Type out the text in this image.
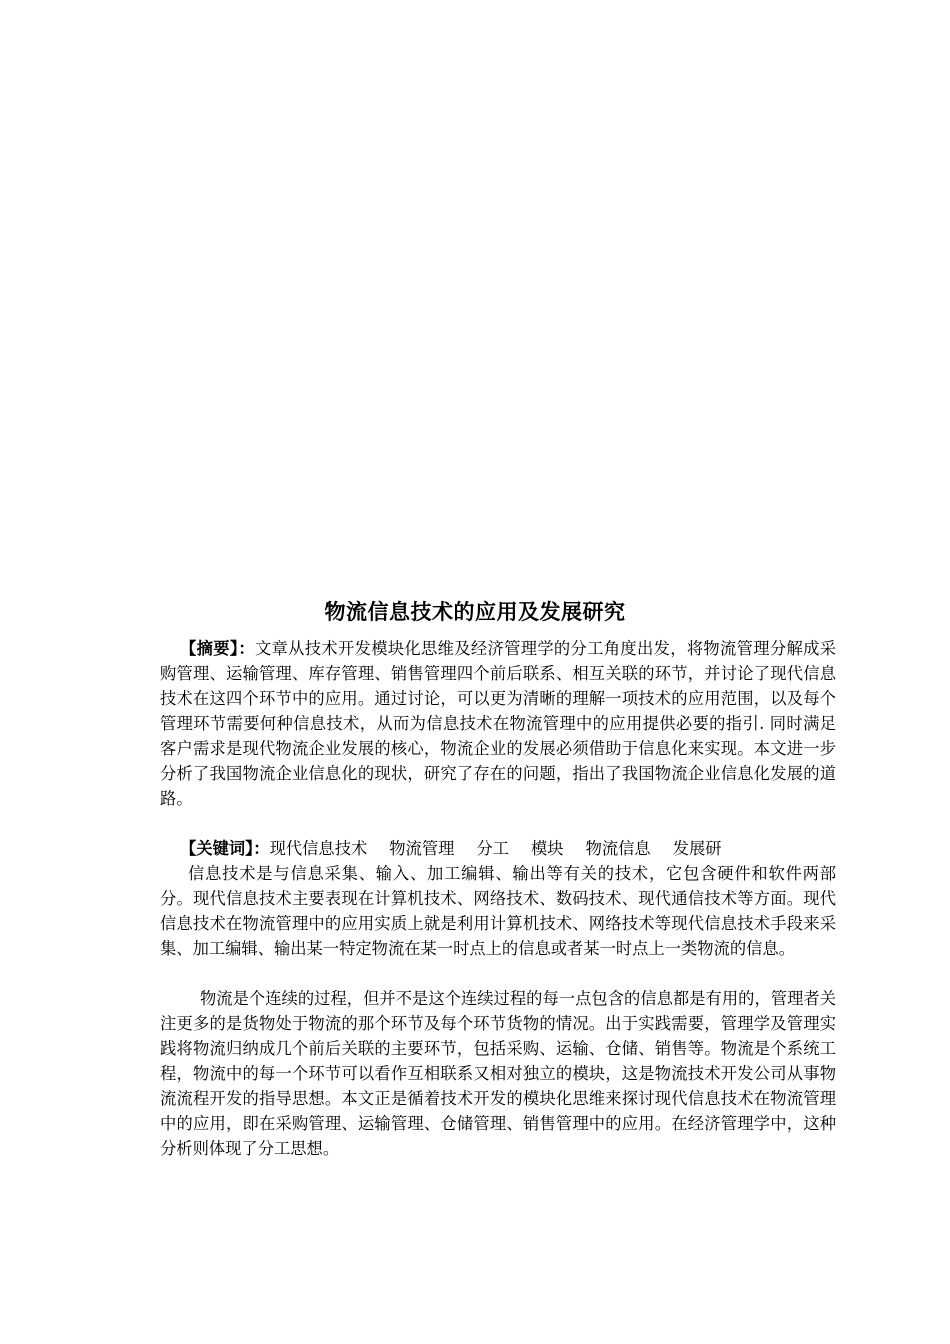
物流信息技术的应用及发展研究
【摘要】：文章从技术开发模块化思维及经济管理学的分工角度出发，将物流管理分解成采购管理、运输管理、库存管理、销售管理四个前后联系、相互关联的环节，并讨论了现代信息技术在这四个环节中的应用。通过讨论，可以更为清晰的理解一项技术的应用范围，以及每个管理环节需要何种信息技术，从而为信息技术在物流管理中的应用提供必要的指引. 同时满足客户需求是现代物流企业发展的核心，物流企业的发展必须借助于信息化来实现。本文进一步分析了我国物流企业信息化的现状，研究了存在的问题，指出了我国物流企业信息化发展的道路。
【关键词】：现代信息技术 物流管理 分工 模块 物流信息 发展研
信息技术是与信息采集、输入、加工编辑、输出等有关的技术，它包含硬件和软件两部分。现代信息技术主要表现在计算机技术、网络技术、数码技术、现代通信技术等方面。现代信息技术在物流管理中的应用实质上就是利用计算机技术、网络技术等现代信息技术手段来采集、加工编辑、输出某一特定物流在某一时点上的信息或者某一时点上一类物流的信息。
物流是个连续的过程，但并不是这个连续过程的每一点包含的信息都是有用的，管理者关注更多的是货物处于物流的那个环节及每个环节货物的情况。出于实践需要，管理学及管理实践将物流归纳成几个前后关联的主要环节，包括采购、运输、仓储、销售等。物流是个系统工程，物流中的每一个环节可以看作互相联系又相对独立的模块，这是物流技术开发公司从事物流流程开发的指导思想。本文正是循着技术开发的模块化思维来探讨现代信息技术在物流管理中的应用，即在采购管理、运输管理、仓储管理、销售管理中的应用。在经济管理学中，这种分析则体现了分工思想。
